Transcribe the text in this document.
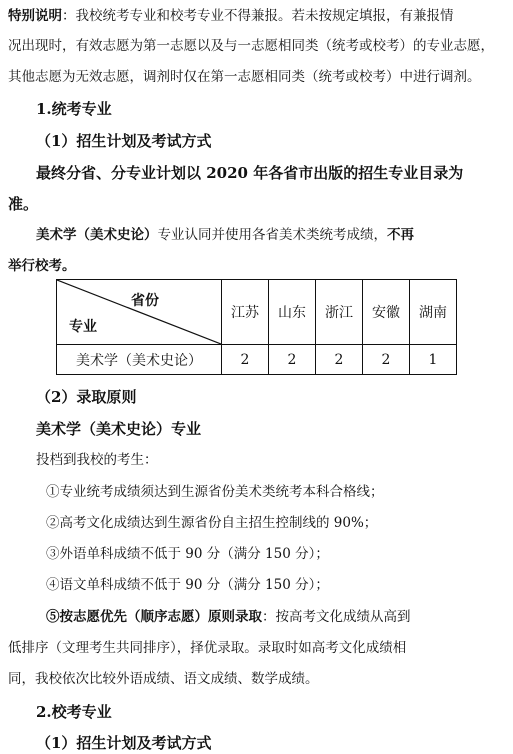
特别说明：我校统考专业和校考专业不得兼报。若未按规定填报，有兼报情
况出现时，有效志愿为第一志愿以及与一志愿相同类（统考或校考）的专业志愿，
其他志愿为无效志愿，调剂时仅在第一志愿相同类（统考或校考）中进行调剂。
1.统考专业
（1）招生计划及考试方式
最终分省、分专业计划以 2020 年各省市出版的招生专业目录为
准。
美术学（美术史论）专业认同并使用各省美术类统考成绩，不再
举行校考。
省份
专业	江苏	山东	浙江	安徽	湖南
美术学（美术史论）	2	2	2	2	1
（2）录取原则
美术学（美术史论）专业
投档到我校的考生：
①专业统考成绩须达到生源省份美术类统考本科合格线；
②高考文化成绩达到生源省份自主招生控制线的 90%；
③外语单科成绩不低于 90 分（满分 150 分）；
④语文单科成绩不低于 90 分（满分 150 分）；
⑤按志愿优先（顺序志愿）原则录取：按高考文化成绩从高到
低排序（文理考生共同排序），择优录取。录取时如高考文化成绩相
同，我校依次比较外语成绩、语文成绩、数学成绩。
2.校考专业
（1）招生计划及考试方式
